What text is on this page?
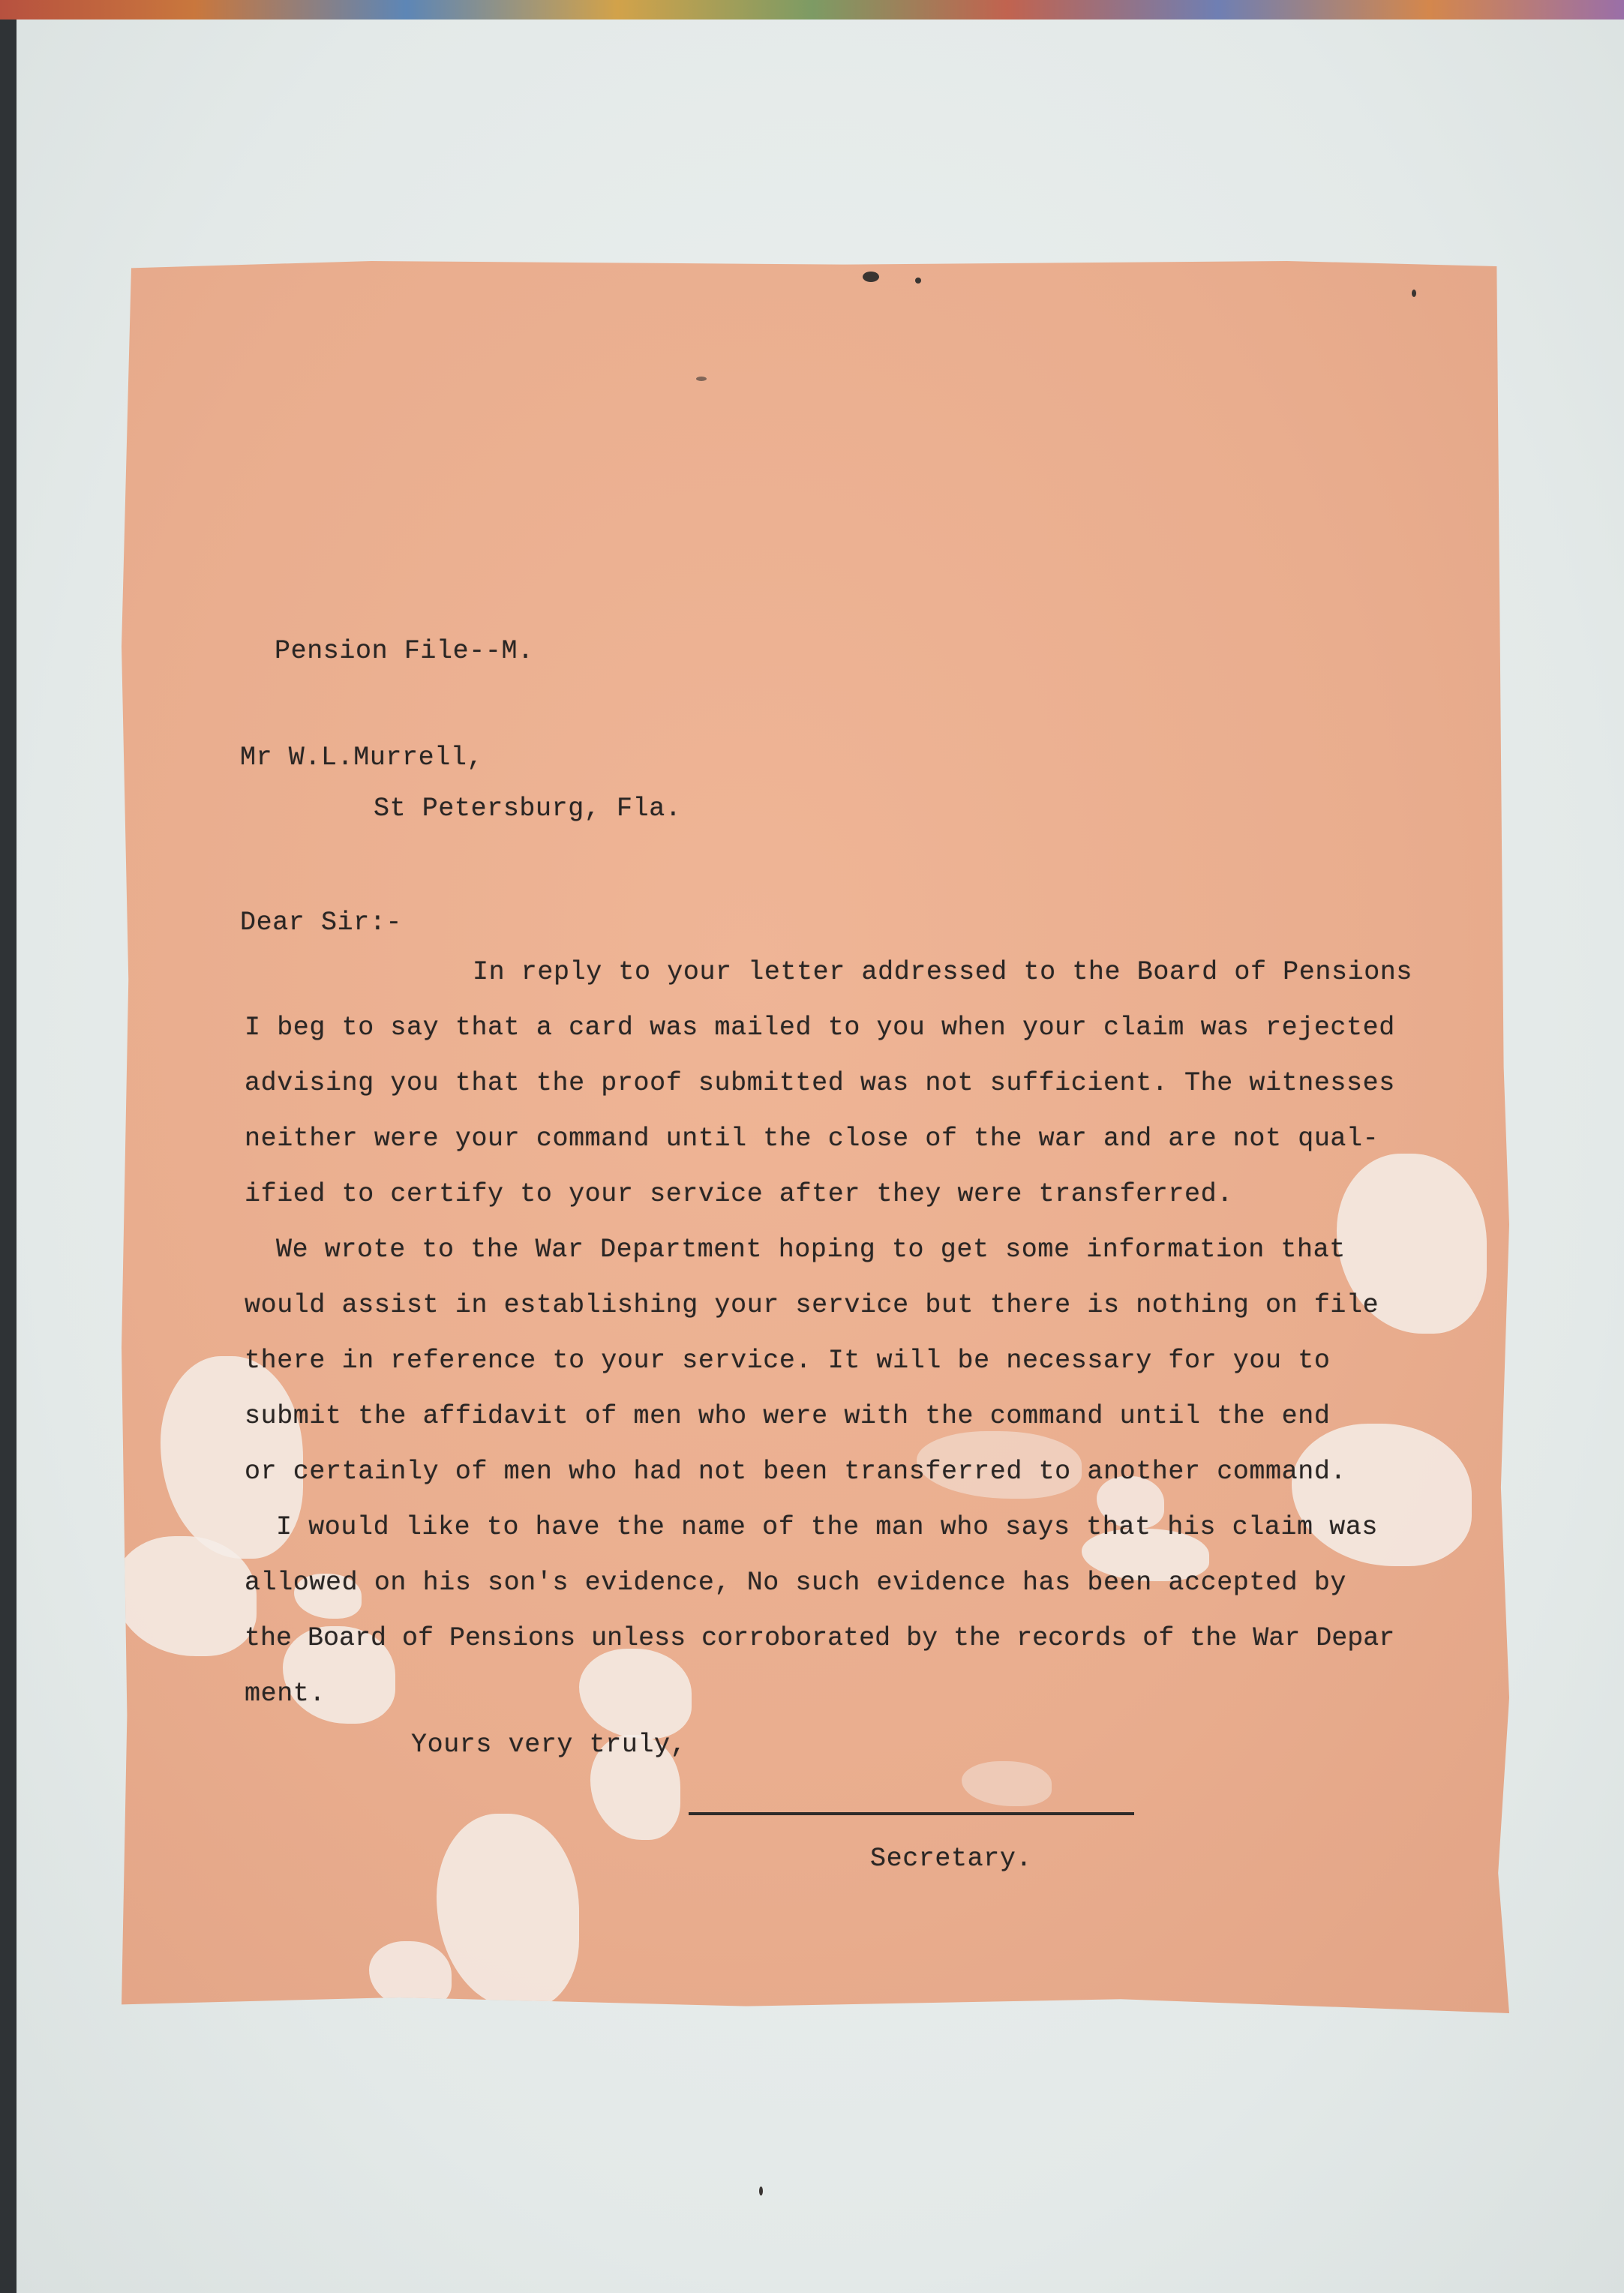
Pension File--M.
Mr W.L.Murrell,
St Petersburg, Fla.
Dear Sir:-
In reply to your letter addressed to the Board of Pensions
I beg to say that a card was mailed to you when your claim was rejected
advising you that the proof submitted was not sufficient. The witnesses
neither were your command until the close of the war and are not qual-
ified to certify to your service after they were transferred.
We wrote to the War Department hoping to get some information that
would assist in establishing your service but there is nothing on file
there in reference to your service. It will be necessary for you to
submit the affidavit of men who were with the command until the end
or certainly of men who had not been transferred to another command.
I would like to have the name of the man who says that his claim was
allowed on his son's evidence, No such evidence has been accepted by
the Board of Pensions unless corroborated by the records of the War Depar
ment.
Yours very truly,
Secretary.
